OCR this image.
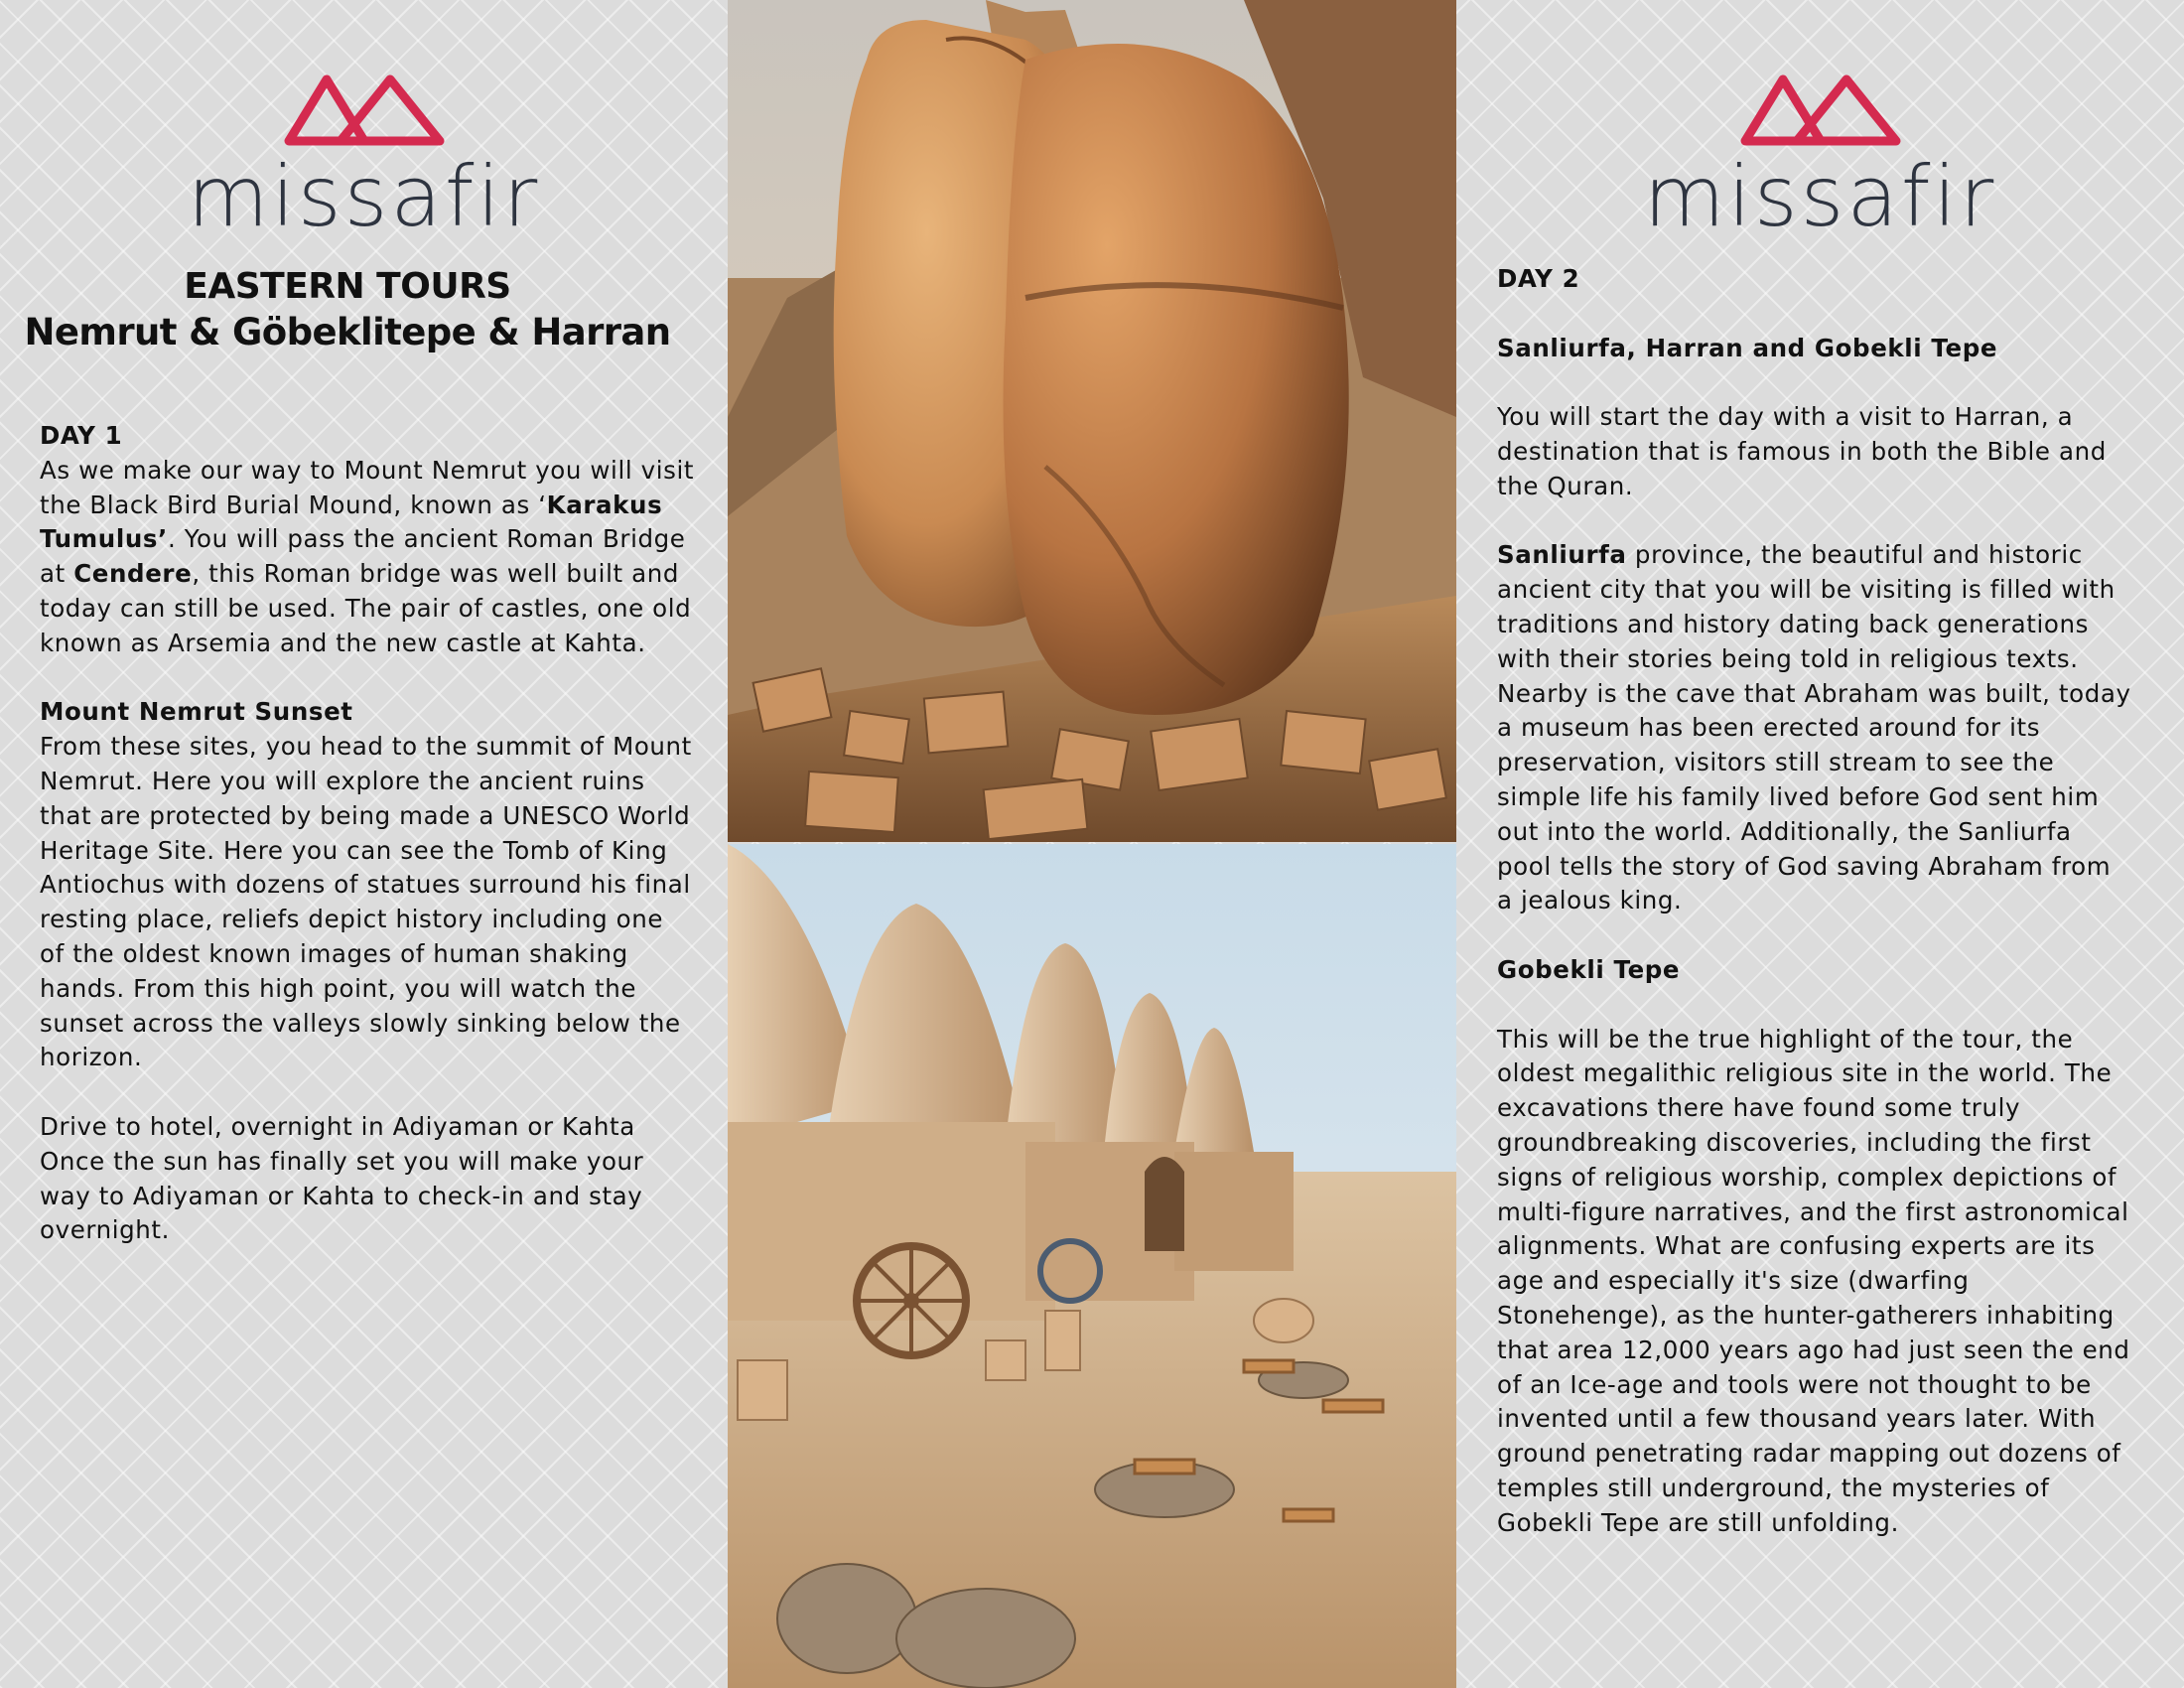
missafir
EASTERN TOURS
Nemrut & Göbeklitepe & Harran

DAY 1

As we make our way to Mount Nemrut you will visit the Black Bird Burial Mound, known as ‘Karakus Tumulus’. You will pass the ancient Roman Bridge at Cendere, this Roman bridge was well built and today can still be used. The pair of castles, one old known as Arsemia and the new castle at Kahta.

Mount Nemrut Sunset

From these sites, you head to the summit of Mount Nemrut. Here you will explore the ancient ruins that are protected by being made a UNESCO World Heritage Site. Here you can see the Tomb of King Antiochus with dozens of statues surround his final resting place, reliefs depict history including one of the oldest known images of human shaking hands. From this high point, you will watch the sunset across the valleys slowly sinking below the horizon.

Drive to hotel, overnight in Adiyaman or Kahta

Once the sun has finally set you will make your way to Adiyaman or Kahta to check-in and stay overnight.

missafir

DAY 2

Sanliurfa, Harran and Gobekli Tepe

You will start the day with a visit to Harran, a destination that is famous in both the Bible and the Quran.

Sanliurfa province, the beautiful and historic ancient city that you will be visiting is filled with traditions and history dating back generations with their stories being told in religious texts. Nearby is the cave that Abraham was built, today a museum has been erected around for its preservation, visitors still stream to see the simple life his family lived before God sent him out into the world. Additionally, the Sanliurfa pool tells the story of God saving Abraham from a jealous king.

Gobekli Tepe

This will be the true highlight of the tour, the oldest megalithic religious site in the world. The excavations there have found some truly groundbreaking discoveries, including the first signs of religious worship, complex depictions of multi-figure narratives, and the first astronomical alignments. What are confusing experts are its age and especially it's size (dwarfing Stonehenge), as the hunter-gatherers inhabiting that area 12,000 years ago had just seen the end of an Ice-age and tools were not thought to be invented until a few thousand years later. With ground penetrating radar mapping out dozens of temples still underground, the mysteries of Gobekli Tepe are still unfolding.
